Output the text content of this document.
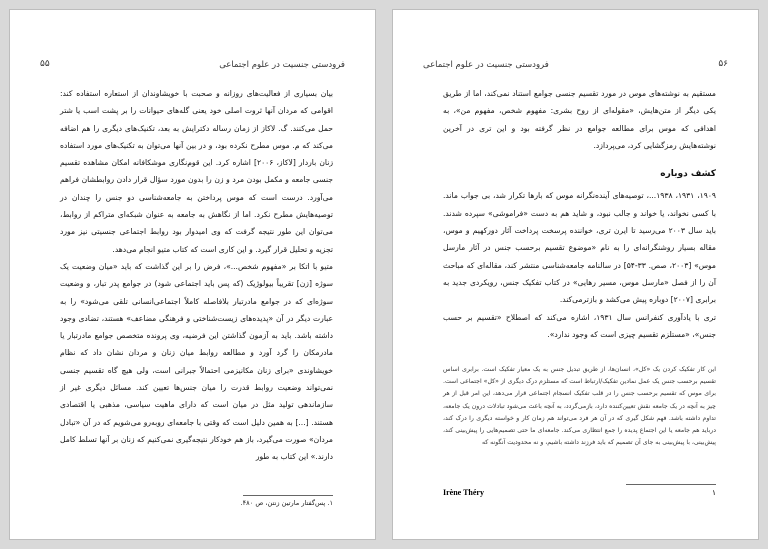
۵۵	فرودستی جنسیت در علوم اجتماعی

بیان بسیاری از فعالیت‌های روزانه و صحبت با خویشاوندان از استعاره استفاده کند: اقوامی که مردان آنها ثروت اصلی خود یعنی گله‌های حیوانات را بر پشت اسب یا شتر حمل می‌کنند. گ. لاکاز از زمان رساله دکترایش به بعد، تکنیک‌های دیگری را هم اضافه می‌کند که م. موس مطرح نکرده بود، و در بین آنها می‌توان به تکنیک‌های مورد استفاده زنان باردار [لاکاز، ۲۰۰۶] اشاره کرد. این قوم‌نگاری موشکافانه امکان مشاهده تقسیم جنسی جامعه و مکمل بودن مرد و زن را بدون مورد سؤال قرار دادن روابطشان فراهم می‌آورد. درست است که موس پرداختن به جامعه‌شناسی دو جنس را چندان در توصیه‌هایش مطرح نکرد. اما از نگاهش به جامعه به عنوان شبکه‌ای متراکم از روابط، می‌توان این طور نتیجه گرفت که وی امیدوار بود روابط اجتماعی جنسیتی نیز مورد تجزیه و تحلیل قرار گیرد. و این کاری است که کتاب متیو انجام می‌دهد.

متیو با اتکا بر «مفهوم شخص...»، فرض را بر این گذاشت که باید «میان وضعیت یک سوژه [زن] تقریباً بیولوژیک (که پس باید اجتماعی شود) در جوامع پدر تبار، و وضعیت سوژه‌ای که در جوامع مادرتبار بلافاصله کاملاً اجتماعی‌انسانی تلقی می‌شود» را به عبارت دیگر در آن «پدیده‌های زیست‌شناختی و فرهنگی مضاعف» هستند، تضادی وجود داشته باشد. باید به آزمون گذاشتن این فرضیه، وی پرونده متخصص جوامع مادرتبار یا مادرمکان را گرد آورد و مطالعه روابط میان زنان و مردان نشان داد که نظام خویشاوندی «برای زنان مکانیزمی احتمالاً جبرانی است، ولی هیچ گاه تقسیم جنسی نمی‌تواند وضعیت روابط قدرت را میان جنس‌ها تعیین کند. مسائل دیگری غیر از سازماندهی تولید مثل در میان است که دارای ماهیت سیاسی، مذهبی یا اقتصادی هستند. [...] به همین دلیل است که وقتی با جامعه‌ای روبه‌رو می‌شویم که در آن «تبادل مردان» صورت می‌گیرد، باز هم خودکار نتیجه‌گیری نمی‌کنیم که زنان بر آنها تسلط کامل دارند.» این کتاب به طور

۱. پس‌گفتار مارتین زنتن، ص ۴۸۰.
۵۶
فرودستی جنسیت در علوم اجتماعی

مستقیم به نوشته‌های موس در مورد تقسیم جنسی جوامع استناد نمی‌کند، اما از طریق یکی دیگر از متن‌هایش، «مقوله‌ای از روح بشری: مفهوم شخص، مفهوم من»، به اهدافی که موس برای مطالعه جوامع در نظر گرفته بود و این تری در آخرین نوشته‌هایش رمزگشایی کرد، می‌پردازد.

کشف دوباره

۱۹۰۹، ۱۹۳۱، ۱۹۳۸...، توصیه‌های آینده‌نگرانه موس که بارها تکرار شد، بی جواب ماند. با کسی نخواند، یا خواند و جالب نبود، و شاید هم به دست «فراموشی» سپرده شدند. باید سال ۲۰۰۳ می‌رسید تا ایرن تری، خواننده پرسخت پرداخت آثار دورکهیم و موس، مقاله بسیار روشنگرانه‌ای را به نام «موضوع تقسیم برحسب جنس در آثار مارسل موس» [۲۰۰۳، صص. ۳۳-۵۴] در سالنامه جامعه‌شناسی منتشر کند، مقاله‌ای که مباحث آن را از فصل «مارسل موس، مسیر رهایی» در کتاب تفکیک جنس، رویکردی جدید به برابری [۲۰۰۷] دوباره پیش می‌کشد و بازترمی‌کند.

تری با یادآوری کنفرانس سال ۱۹۳۱، اشاره می‌کند که اصطلاح «تقسیم بر حسب جنس»، «مستلزم تقسیم چیزی است که وجود ندارد».

این کار تفکیک کردن یک «کل»، انسان‌ها، از طریق تبدیل جنس به یک معیار تفکیک است. برابری اساس تقسیم برحسب جنس یک عمل نمادین تفکیک/ارتباط است که مستلزم درک دیگری از «کل» اجتماعی است. برای موس که تقسیم برحسب جنس را در قلب تفکیک انسجام اجتماعی قرار می‌دهد، این امر قبل از هر چیز به آنچه در یک جامعه نقش تعیین‌کننده دارد، بازمی‌گردد، به آنچه باعث می‌شود تبادلات درون یک جامعه، تداوم داشته باشد. فهم شکل گیری که در آن هر فرد می‌تواند هم زمان کار و خواسته دیگری را درک کند، درباید هم جامعه یا این اجتماع پدیده را جمع انتظاری می‌کند. جامعه‌ای ما حتی تصمیم‌هایی را پیش‌بینی کند، پیش‌بینی، با پیش‌بینی به جای آن تصمیم که باید فرزند داشته باشیم، و نه محدودیت آنگونه که
۱
Irène Théry
